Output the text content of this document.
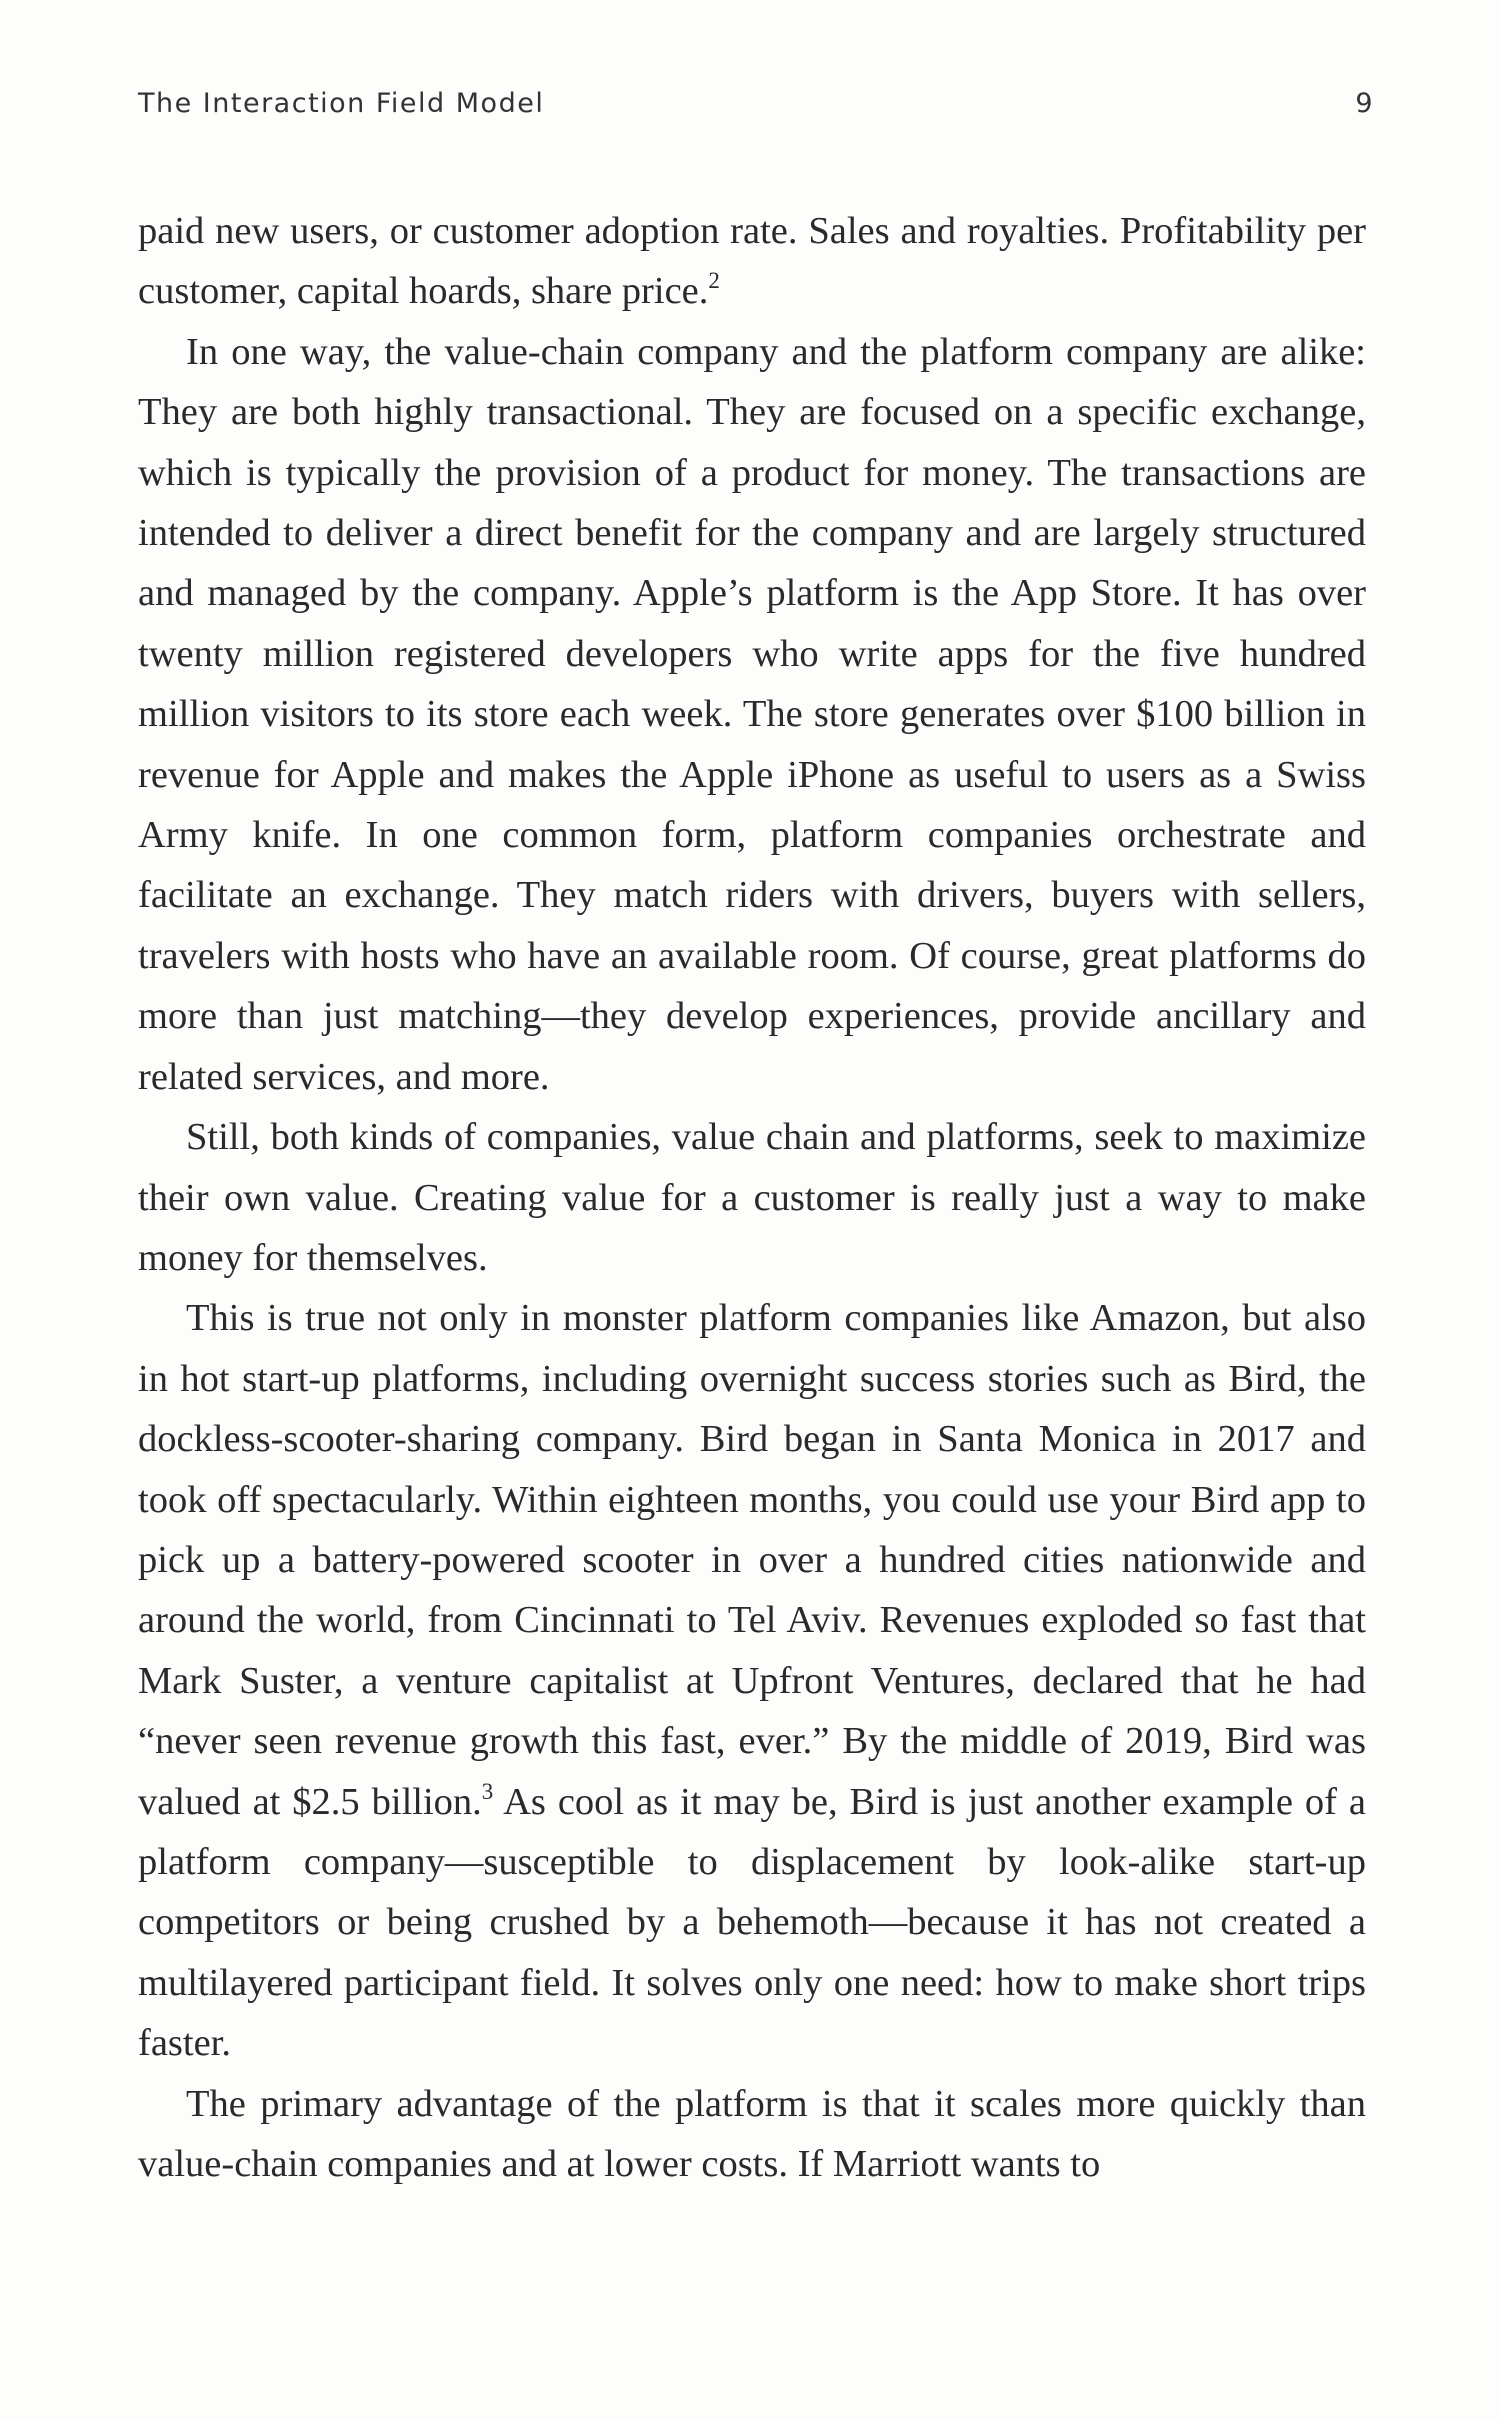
The Interaction Field Model	9

paid new users, or customer adoption rate. Sales and royalties. Profitability per customer, capital hoards, share price.$^2$

In one way, the value-chain company and the platform company are alike: They are both highly transactional. They are focused on a specific exchange, which is typically the provision of a product for money. The transactions are intended to deliver a direct benefit for the company and are largely structured and managed by the company. Apple’s platform is the App Store. It has over twenty million registered developers who write apps for the five hundred million visitors to its store each week. The store generates over $100 billion in revenue for Apple and makes the Apple iPhone as useful to users as a Swiss Army knife. In one common form, platform companies orchestrate and facilitate an exchange. They match riders with drivers, buyers with sellers, travelers with hosts who have an available room. Of course, great platforms do more than just matching—they develop experiences, provide ancillary and related services, and more.

Still, both kinds of companies, value chain and platforms, seek to maximize their own value. Creating value for a customer is really just a way to make money for themselves.

This is true not only in monster platform companies like Amazon, but also in hot start-up platforms, including overnight success stories such as Bird, the dockless-scooter-sharing company. Bird began in Santa Monica in 2017 and took off spectacularly. Within eighteen months, you could use your Bird app to pick up a battery-powered scooter in over a hundred cities nationwide and around the world, from Cincinnati to Tel Aviv. Revenues exploded so fast that Mark Suster, a venture capitalist at Upfront Ventures, declared that he had “never seen revenue growth this fast, ever.” By the middle of 2019, Bird was valued at $2.5 billion.$^3$ As cool as it may be, Bird is just another example of a platform company—susceptible to displacement by look-alike start-up competitors or being crushed by a behemoth—because it has not created a multilayered participant field. It solves only one need: how to make short trips faster.

The primary advantage of the platform is that it scales more quickly than value-chain companies and at lower costs. If Marriott wants to
